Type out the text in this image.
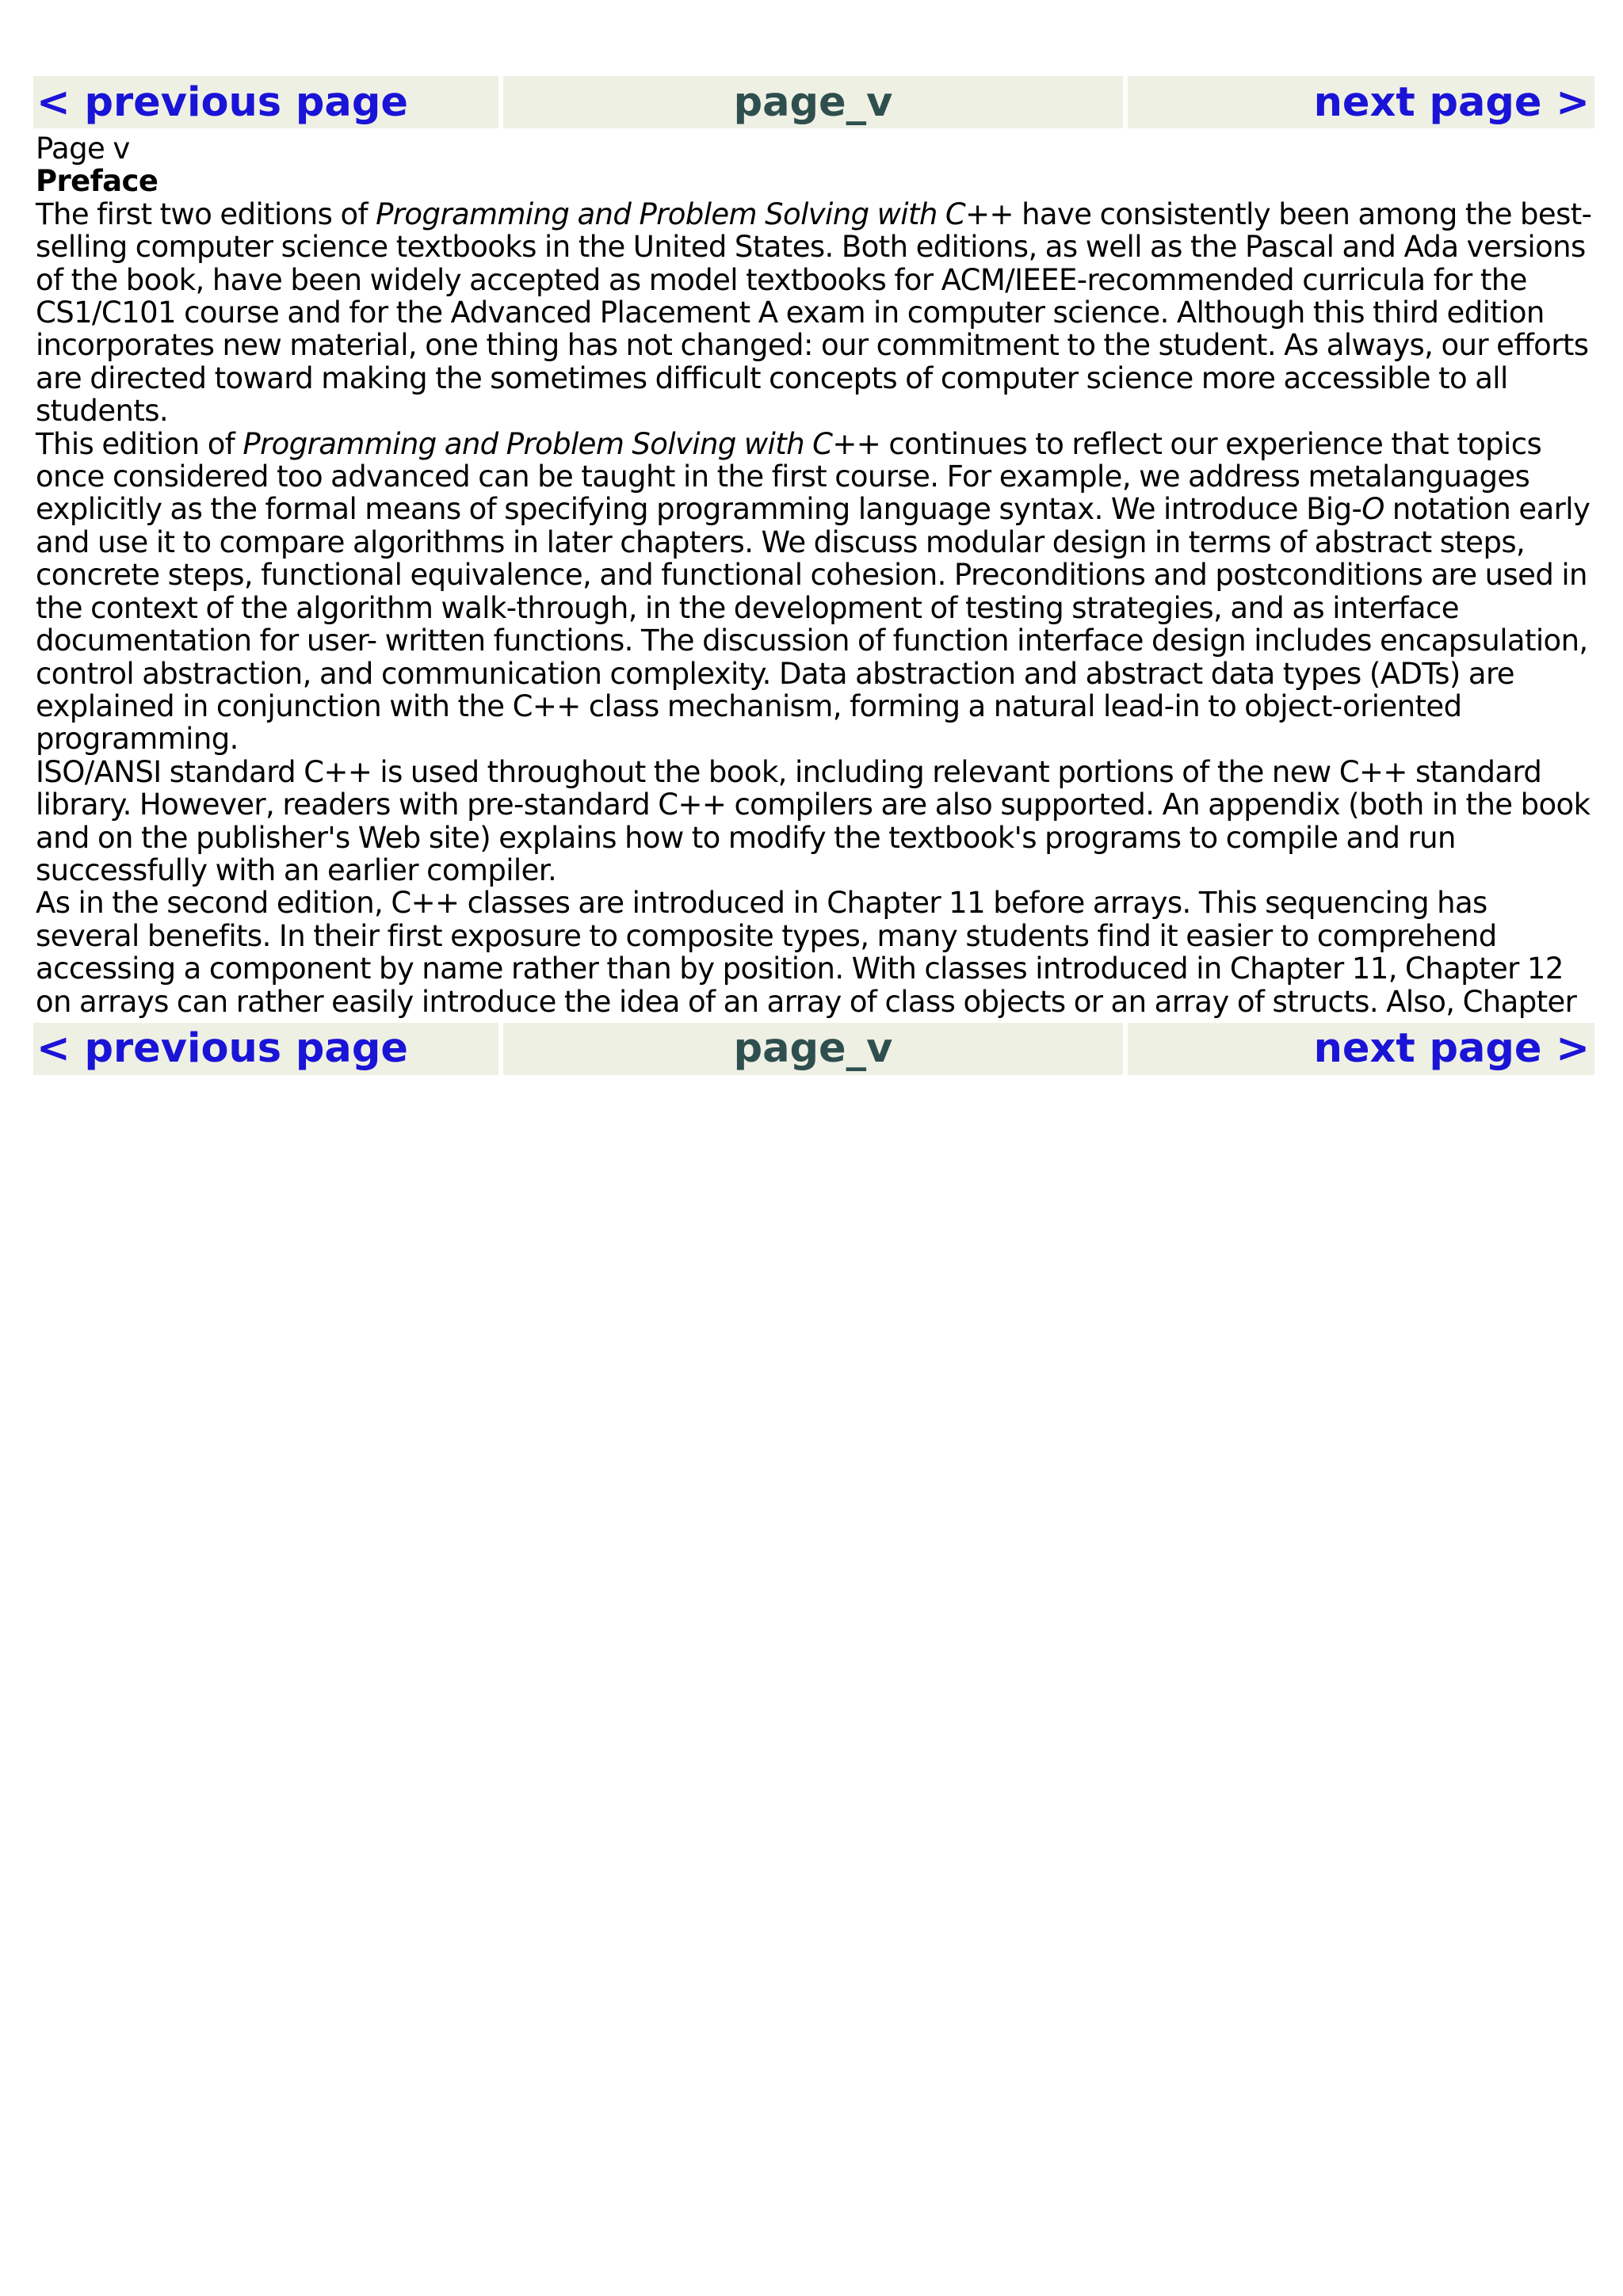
< previous page	page_v	next page >

Page v

Preface

The first two editions of Programming and Problem Solving with C++ have consistently been among the best-selling computer science textbooks in the United States. Both editions, as well as the Pascal and Ada versions of the book, have been widely accepted as model textbooks for ACM/IEEE-recommended curricula for the CS1/C101 course and for the Advanced Placement A exam in computer science. Although this third edition incorporates new material, one thing has not changed: our commitment to the student. As always, our efforts are directed toward making the sometimes difficult concepts of computer science more accessible to all students.

This edition of Programming and Problem Solving with C++ continues to reflect our experience that topics once considered too advanced can be taught in the first course. For example, we address metalanguages explicitly as the formal means of specifying programming language syntax. We introduce Big-O notation early and use it to compare algorithms in later chapters. We discuss modular design in terms of abstract steps, concrete steps, functional equivalence, and functional cohesion. Preconditions and postconditions are used in the context of the algorithm walk-through, in the development of testing strategies, and as interface documentation for user- written functions. The discussion of function interface design includes encapsulation, control abstraction, and communication complexity. Data abstraction and abstract data types (ADTs) are explained in conjunction with the C++ class mechanism, forming a natural lead-in to object-oriented programming.

ISO/ANSI standard C++ is used throughout the book, including relevant portions of the new C++ standard library. However, readers with pre-standard C++ compilers are also supported. An appendix (both in the book and on the publisher's Web site) explains how to modify the textbook's programs to compile and run successfully with an earlier compiler.

As in the second edition, C++ classes are introduced in Chapter 11 before arrays. This sequencing has several benefits. In their first exposure to composite types, many students find it easier to comprehend accessing a component by name rather than by position. With classes introduced in Chapter 11, Chapter 12 on arrays can rather easily introduce the idea of an array of class objects or an array of structs. Also, Chapter

< previous page	page_v	next page >
